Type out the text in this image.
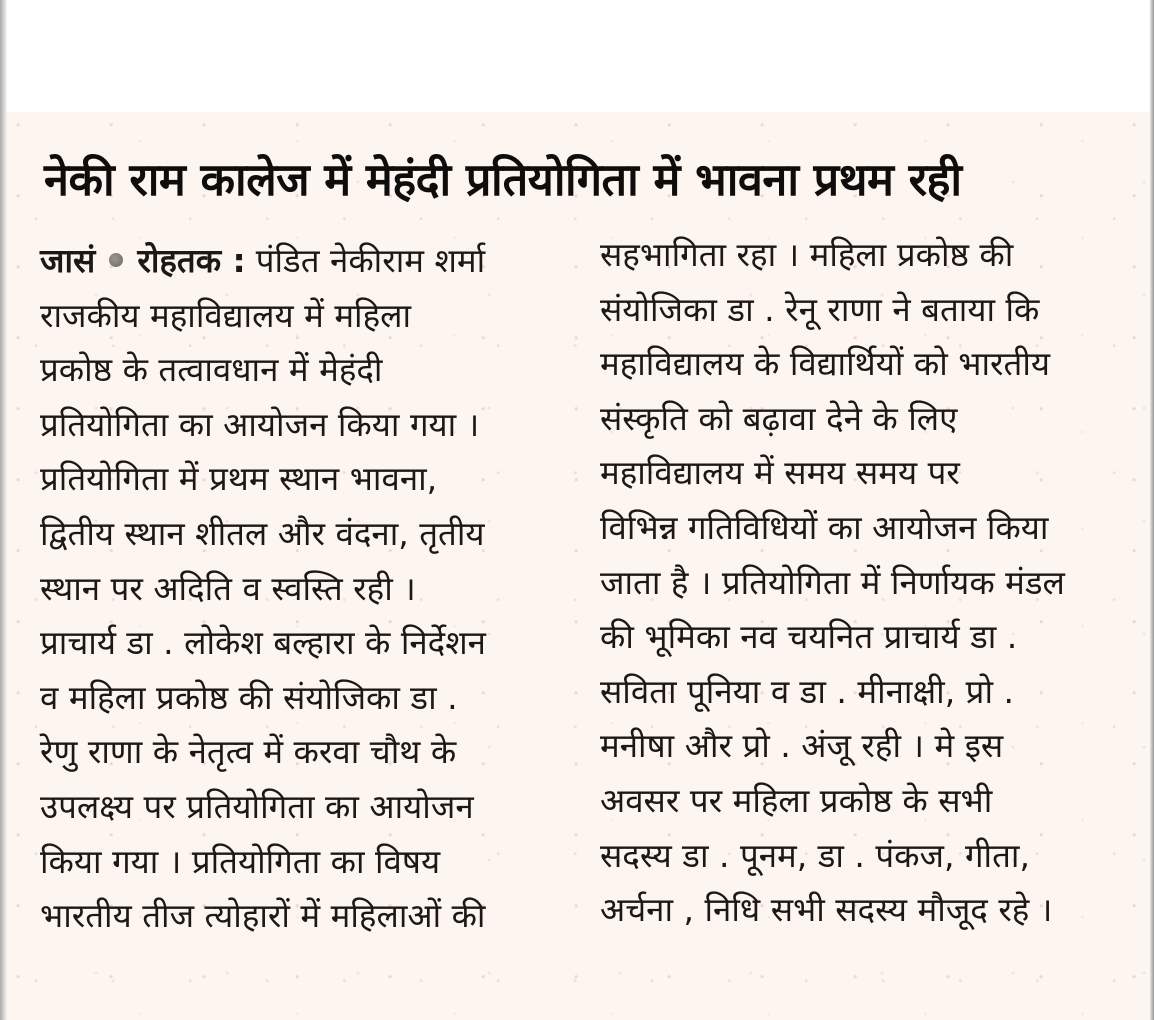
नेकी राम कालेज में मेहंदी प्रतियोगिता में भावना प्रथम रही
जासं रोहतक : पंडित नेकीराम शर्मा
राजकीय महाविद्यालय में महिला
प्रकोष्ठ के तत्वावधान में मेहंदी
प्रतियोगिता का आयोजन किया गया ।
प्रतियोगिता में प्रथम स्थान भावना,
द्वितीय स्थान शीतल और वंदना, तृतीय
स्थान पर अदिति व स्वस्ति रही ।
प्राचार्य डा . लोकेश बल्हारा के निर्देशन
व महिला प्रकोष्ठ की संयोजिका डा .
रेणु राणा के नेतृत्व में करवा चौथ के
उपलक्ष्य पर प्रतियोगिता का आयोजन
किया गया । प्रतियोगिता का विषय
भारतीय तीज त्योहारों में महिलाओं की
सहभागिता रहा । महिला प्रकोष्ठ की
संयोजिका डा . रेनू राणा ने बताया कि
महाविद्यालय के विद्यार्थियों को भारतीय
संस्कृति को बढ़ावा देने के लिए
महाविद्यालय में समय समय पर
विभिन्न गतिविधियों का आयोजन किया
जाता है । प्रतियोगिता में निर्णायक मंडल
की भूमिका नव चयनित प्राचार्य डा .
सविता पूनिया व डा . मीनाक्षी, प्रो .
मनीषा और प्रो . अंजू रही । मे इस
अवसर पर महिला प्रकोष्ठ के सभी
सदस्य डा . पूनम, डा . पंकज, गीता,
अर्चना , निधि सभी सदस्य मौजूद रहे ।
